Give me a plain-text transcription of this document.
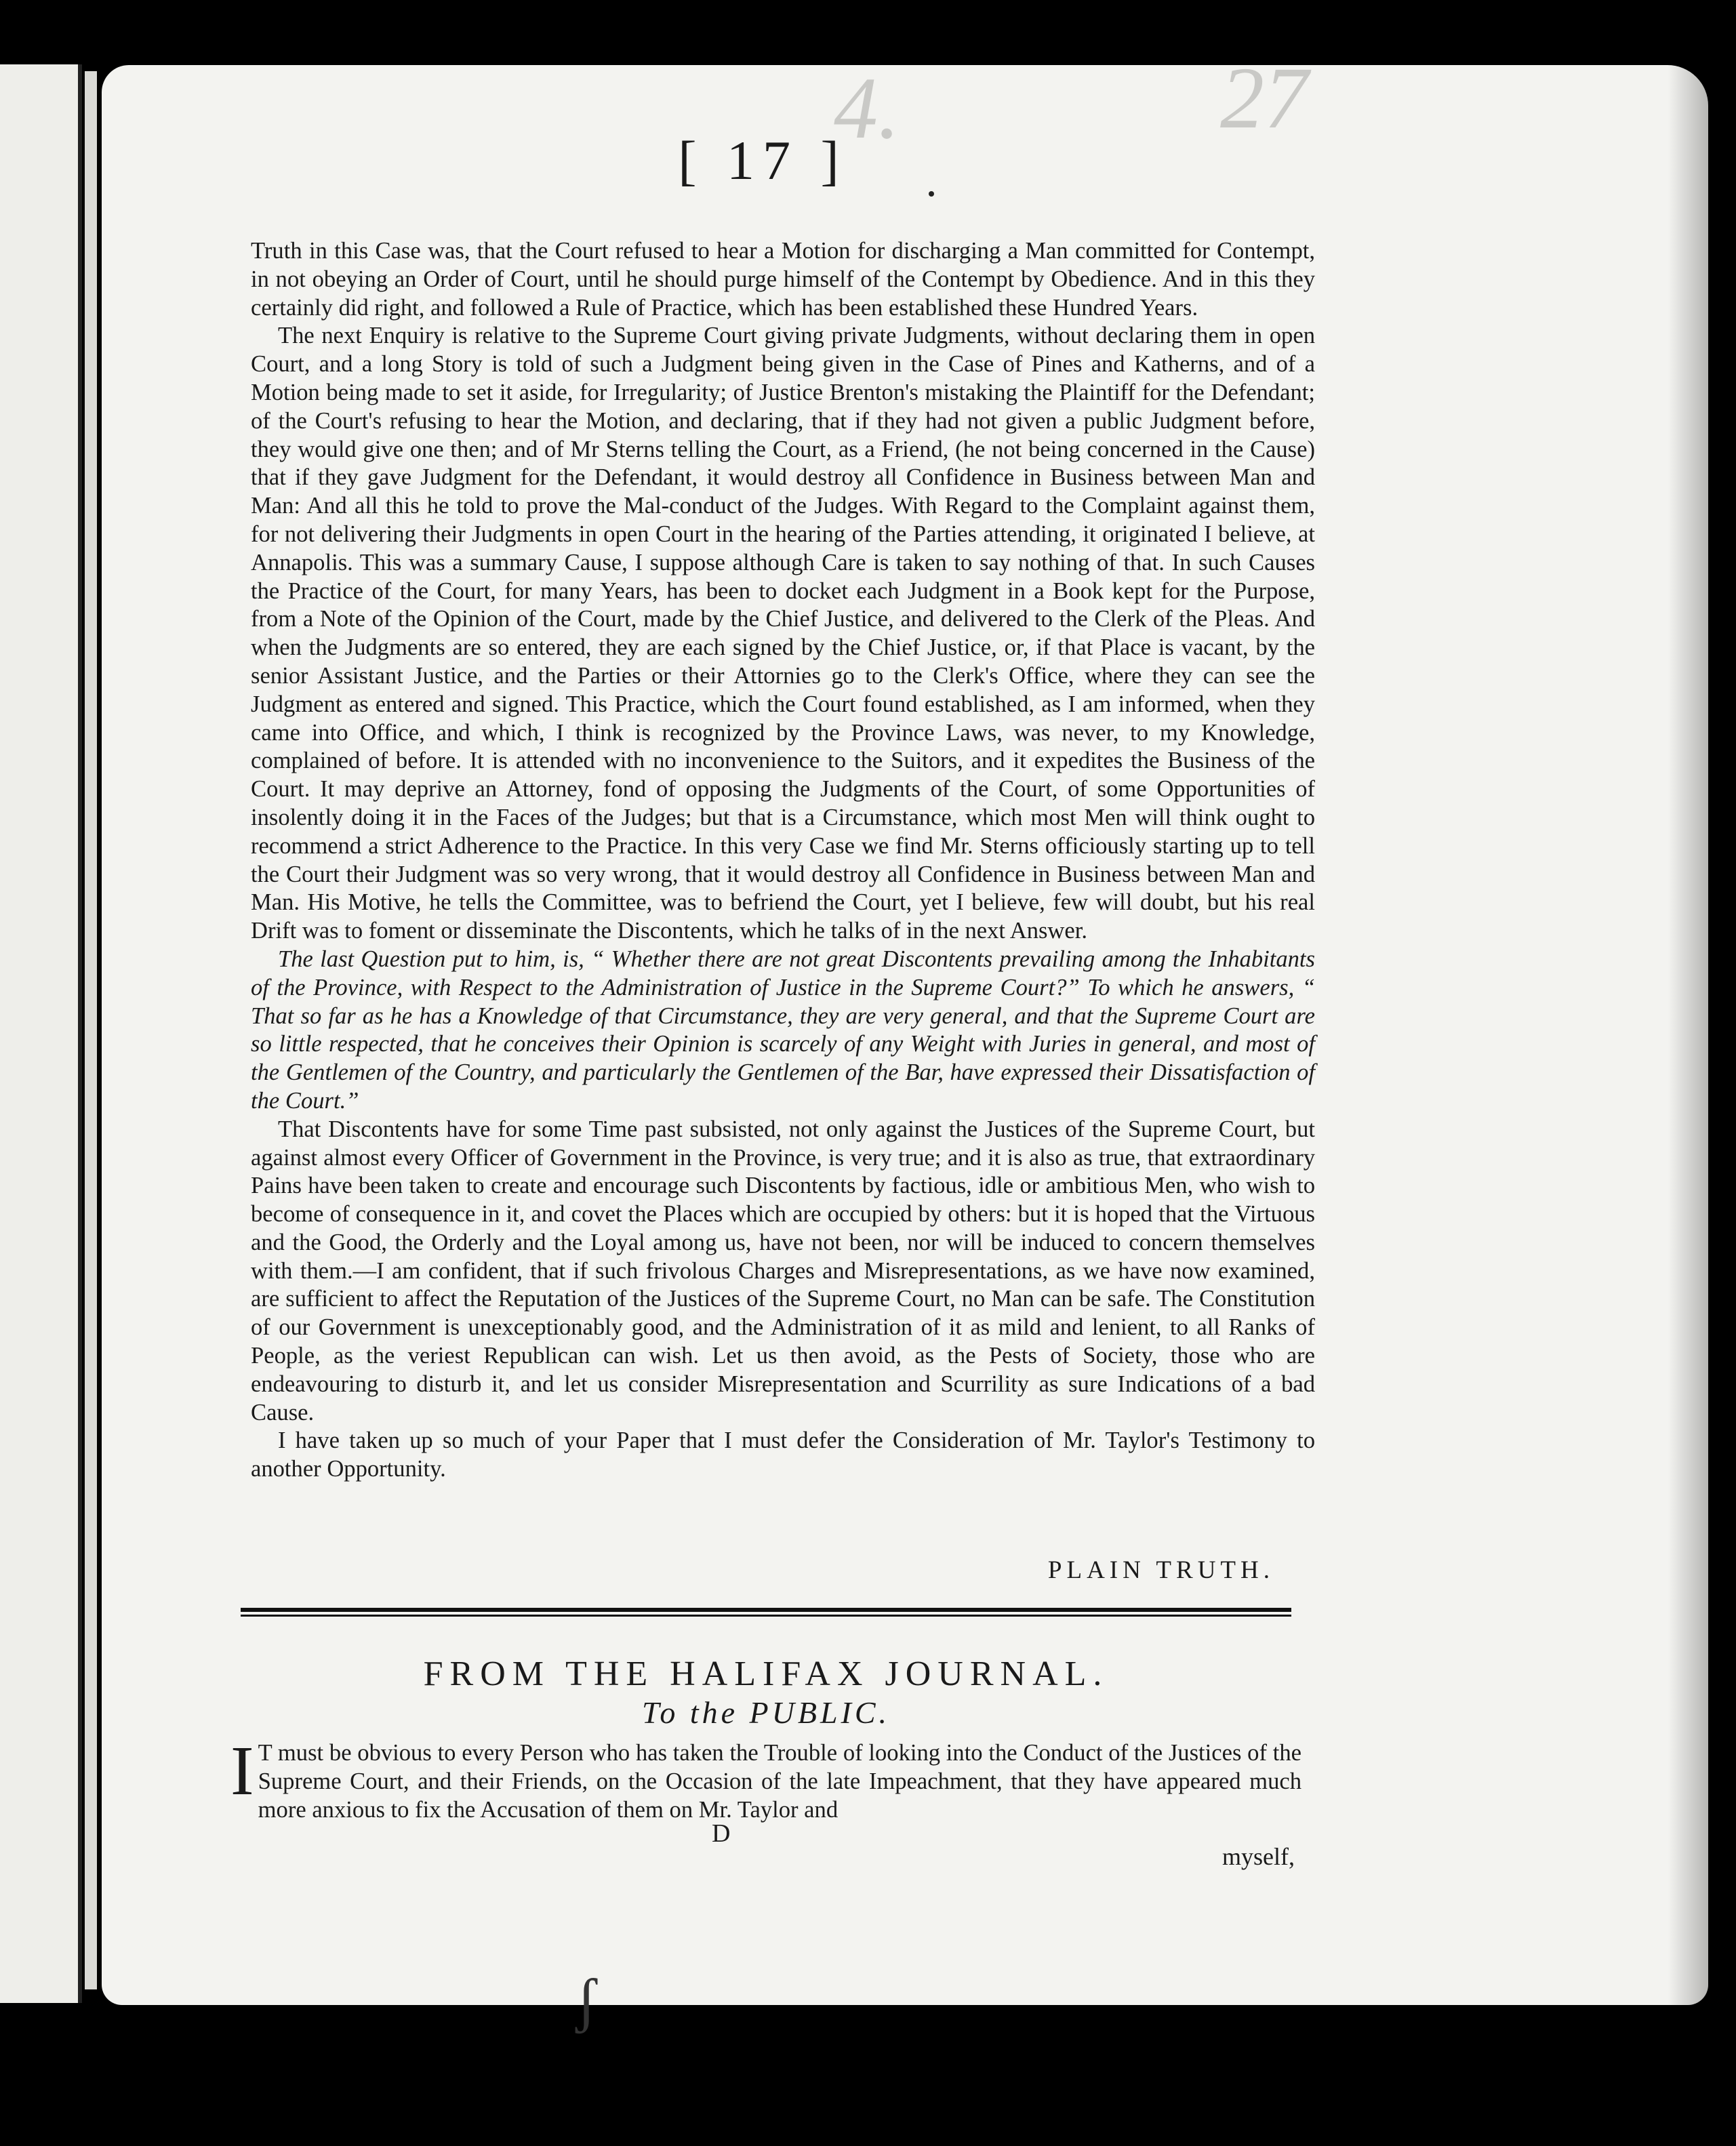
4.	27
[ 17 ]

Truth in this Case was, that the Court refused to hear a Motion for discharging a Man committed for Contempt, in not obeying an Order of Court, until he should purge himself of the Contempt by Obedience. And in this they certainly did right, and followed a Rule of Practice, which has been established these Hundred Years.

The next Enquiry is relative to the Supreme Court giving private Judgments, without declaring them in open Court, and a long Story is told of such a Judgment being given in the Case of Pines and Katherns, and of a Motion being made to set it aside, for Irregularity; of Justice Brenton's mistaking the Plaintiff for the Defendant; of the Court's refusing to hear the Motion, and declaring, that if they had not given a public Judgment before, they would give one then; and of Mr Sterns telling the Court, as a Friend, (he not being concerned in the Cause) that if they gave Judgment for the Defendant, it would destroy all Confidence in Business between Man and Man: And all this he told to prove the Mal-conduct of the Judges. With Regard to the Complaint against them, for not delivering their Judgments in open Court in the hearing of the Parties attending, it originated I believe, at Annapolis. This was a summary Cause, I suppose although Care is taken to say nothing of that. In such Causes the Practice of the Court, for many Years, has been to docket each Judgment in a Book kept for the Purpose, from a Note of the Opinion of the Court, made by the Chief Justice, and delivered to the Clerk of the Pleas. And when the Judgments are so entered, they are each signed by the Chief Justice, or, if that Place is vacant, by the senior Assistant Justice, and the Parties or their Attornies go to the Clerk's Office, where they can see the Judgment as entered and signed. This Practice, which the Court found established, as I am informed, when they came into Office, and which, I think is recognized by the Province Laws, was never, to my Knowledge, complained of before. It is attended with no inconvenience to the Suitors, and it expedites the Business of the Court. It may deprive an Attorney, fond of opposing the Judgments of the Court, of some Opportunities of insolently doing it in the Faces of the Judges; but that is a Circumstance, which most Men will think ought to recommend a strict Adherence to the Practice. In this very Case we find Mr. Sterns officiously starting up to tell the Court their Judgment was so very wrong, that it would destroy all Confidence in Business between Man and Man. His Motive, he tells the Committee, was to befriend the Court, yet I believe, few will doubt, but his real Drift was to foment or disseminate the Discontents, which he talks of in the next Answer.

The last Question put to him, is, “ Whether there are not great Discontents prevailing among the Inhabitants of the Province, with Respect to the Administration of Justice in the Supreme Court?” To which he answers, “ That so far as he has a Knowledge of that Circumstance, they are very general, and that the Supreme Court are so little respected, that he conceives their Opinion is scarcely of any Weight with Juries in general, and most of the Gentlemen of the Country, and particularly the Gentlemen of the Bar, have expressed their Dissatisfaction of the Court.”

That Discontents have for some Time past subsisted, not only against the Justices of the Supreme Court, but against almost every Officer of Government in the Province, is very true; and it is also as true, that extraordinary Pains have been taken to create and encourage such Discontents by factious, idle or ambitious Men, who wish to become of consequence in it, and covet the Places which are occupied by others: but it is hoped that the Virtuous and the Good, the Orderly and the Loyal among us, have not been, nor will be induced to concern themselves with them.—I am confident, that if such frivolous Charges and Misrepresentations, as we have now examined, are sufficient to affect the Reputation of the Justices of the Supreme Court, no Man can be safe. The Constitution of our Government is unexceptionably good, and the Administration of it as mild and lenient, to all Ranks of People, as the veriest Republican can wish. Let us then avoid, as the Pests of Society, those who are endeavouring to disturb it, and let us consider Misrepresentation and Scurrility as sure Indications of a bad Cause.

I have taken up so much of your Paper that I must defer the Consideration of Mr. Taylor's Testimony to another Opportunity.

PLAIN TRUTH.
FROM THE HALIFAX JOURNAL.
To the PUBLIC.
I T must be obvious to every Person who has taken the Trouble of looking into the Conduct of the Justices of the Supreme Court, and their Friends, on the Occasion of the late Impeachment, that they have appeared much more anxious to fix the Accusation of them on Mr. Taylor and
D
myself,
ʃ
